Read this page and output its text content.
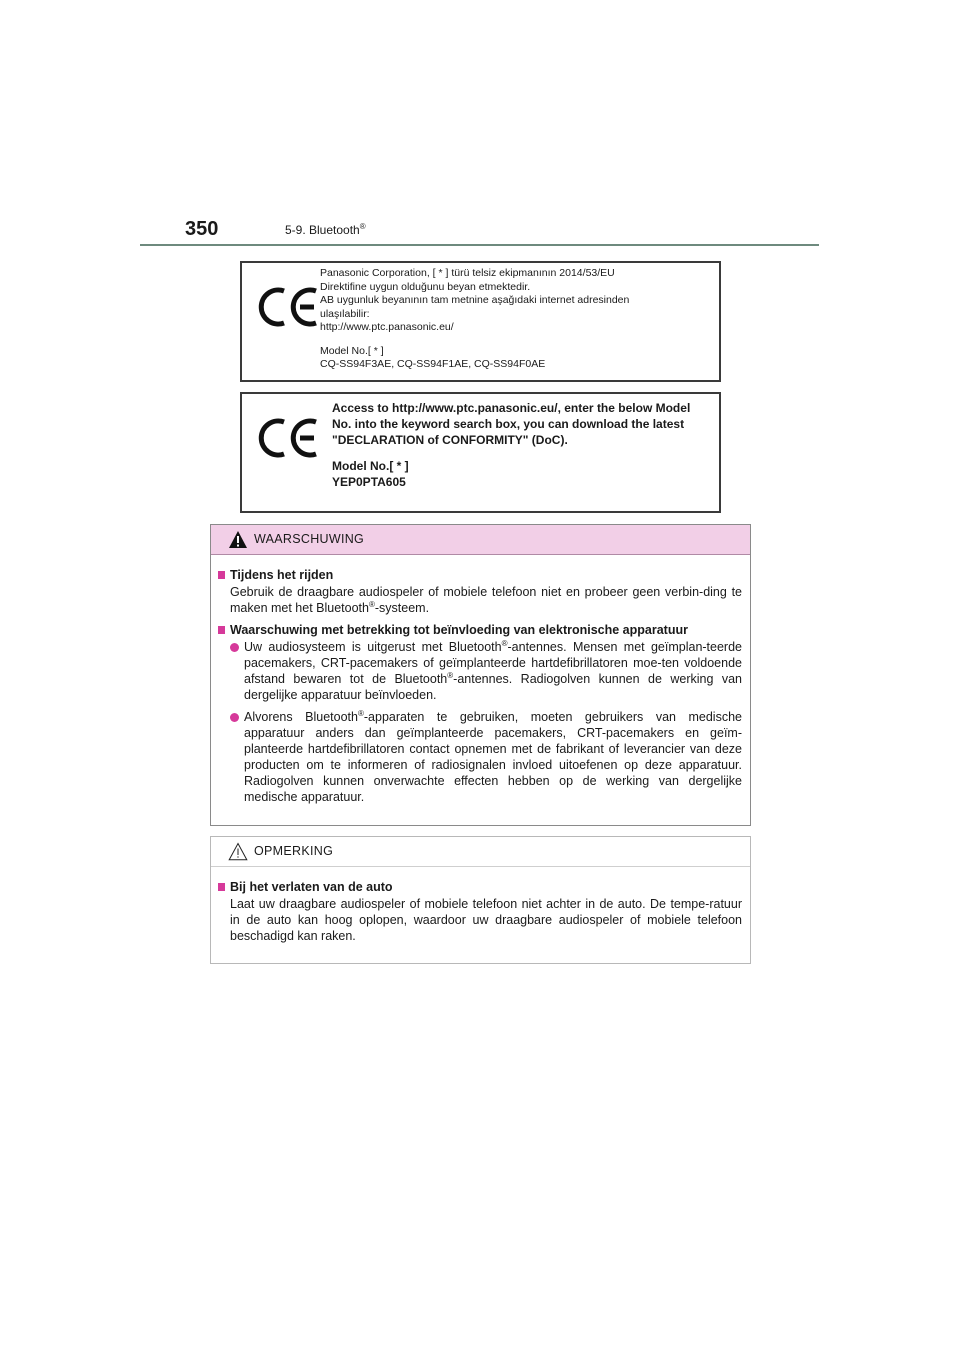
350	5-9. Bluetooth®
Panasonic Corporation, [ * ] türü telsiz ekipmanının 2014/53/EU
Direktifine uygun olduğunu beyan etmektedir.
AB uygunluk beyanının tam metnine aşağıdaki internet adresinden
ulaşılabilir:
http://www.ptc.panasonic.eu/
Model No.[ * ]
CQ-SS94F3AE, CQ-SS94F1AE, CQ-SS94F0AE
Access to http://www.ptc.panasonic.eu/, enter the below Model
No. into the keyword search box, you can download the latest
"DECLARATION of CONFORMITY" (DoC).
Model No.[ * ]
YEP0PTA605
WAARSCHUWING
Tijdens het rijden
Gebruik de draagbare audiospeler of mobiele telefoon niet en probeer geen verbin-ding te maken met het Bluetooth®-systeem.
Waarschuwing met betrekking tot beïnvloeding van elektronische apparatuur
Uw audiosysteem is uitgerust met Bluetooth®-antennes. Mensen met geïmplan-teerde pacemakers, CRT-pacemakers of geïmplanteerde hartdefibrillatoren moe-ten voldoende afstand bewaren tot de Bluetooth®-antennes. Radiogolven kunnen de werking van dergelijke apparatuur beïnvloeden.
Alvorens Bluetooth®-apparaten te gebruiken, moeten gebruikers van medische apparatuur anders dan geïmplanteerde pacemakers, CRT-pacemakers en geïm-planteerde hartdefibrillatoren contact opnemen met de fabrikant of leverancier van deze producten om te informeren of radiosignalen invloed uitoefenen op deze apparatuur. Radiogolven kunnen onverwachte effecten hebben op de werking van dergelijke medische apparatuur.
OPMERKING
Bij het verlaten van de auto
Laat uw draagbare audiospeler of mobiele telefoon niet achter in de auto. De tempe-ratuur in de auto kan hoog oplopen, waardoor uw draagbare audiospeler of mobiele telefoon beschadigd kan raken.
